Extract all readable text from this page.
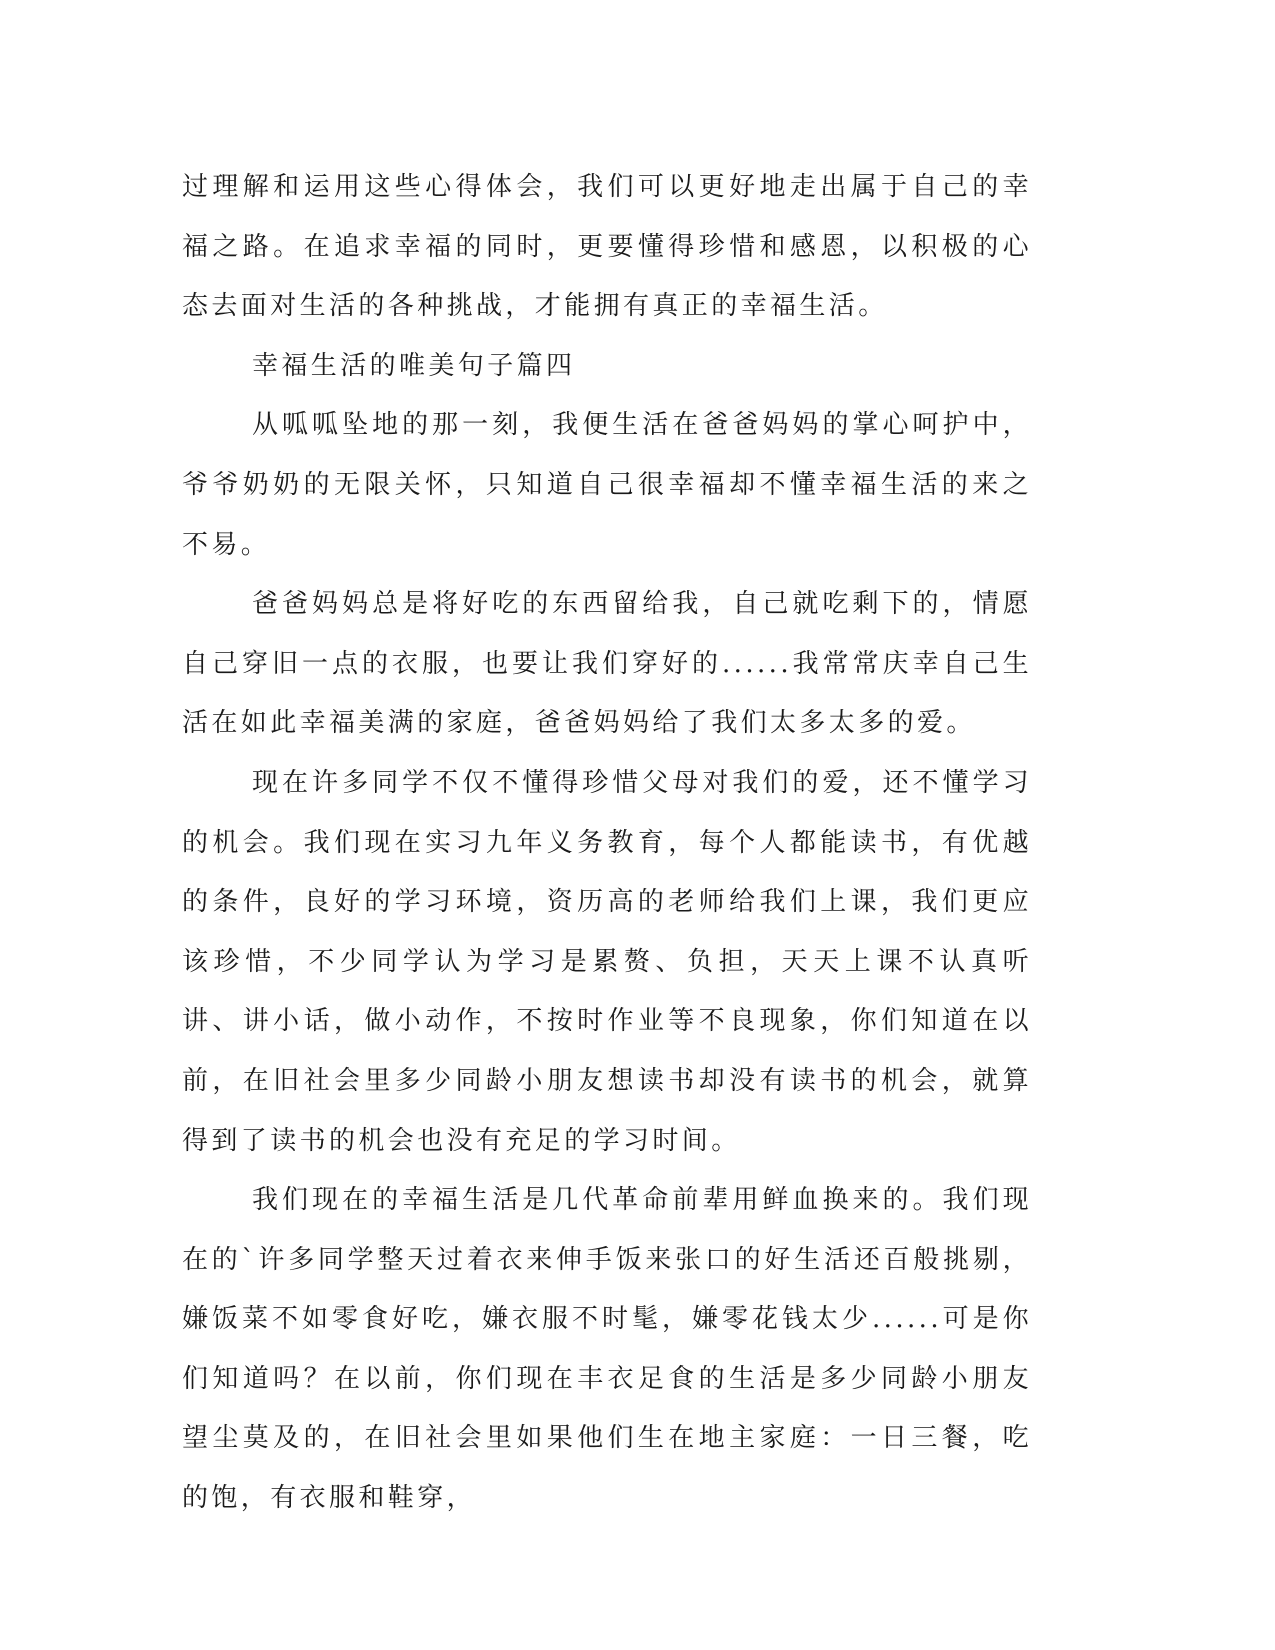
过理解和运用这些心得体会，我们可以更好地走出属于自己的幸福之路。在追求幸福的同时，更要懂得珍惜和感恩，以积极的心态去面对生活的各种挑战，才能拥有真正的幸福生活。

幸福生活的唯美句子篇四

从呱呱坠地的那一刻，我便生活在爸爸妈妈的掌心呵护中，爷爷奶奶的无限关怀，只知道自己很幸福却不懂幸福生活的来之不易。

爸爸妈妈总是将好吃的东西留给我，自己就吃剩下的，情愿自己穿旧一点的衣服，也要让我们穿好的......我常常庆幸自己生活在如此幸福美满的家庭，爸爸妈妈给了我们太多太多的爱。

现在许多同学不仅不懂得珍惜父母对我们的爱，还不懂学习的机会。我们现在实习九年义务教育，每个人都能读书，有优越的条件，良好的学习环境，资历高的老师给我们上课，我们更应该珍惜，不少同学认为学习是累赘、负担，天天上课不认真听讲、讲小话，做小动作，不按时作业等不良现象，你们知道在以前，在旧社会里多少同龄小朋友想读书却没有读书的机会，就算得到了读书的机会也没有充足的学习时间。

我们现在的幸福生活是几代革命前辈用鲜血换来的。我们现在的`许多同学整天过着衣来伸手饭来张口的好生活还百般挑剔，嫌饭菜不如零食好吃，嫌衣服不时髦，嫌零花钱太少......可是你们知道吗？在以前，你们现在丰衣足食的生活是多少同龄小朋友望尘莫及的，在旧社会里如果他们生在地主家庭：一日三餐，吃的饱，有衣服和鞋穿，
